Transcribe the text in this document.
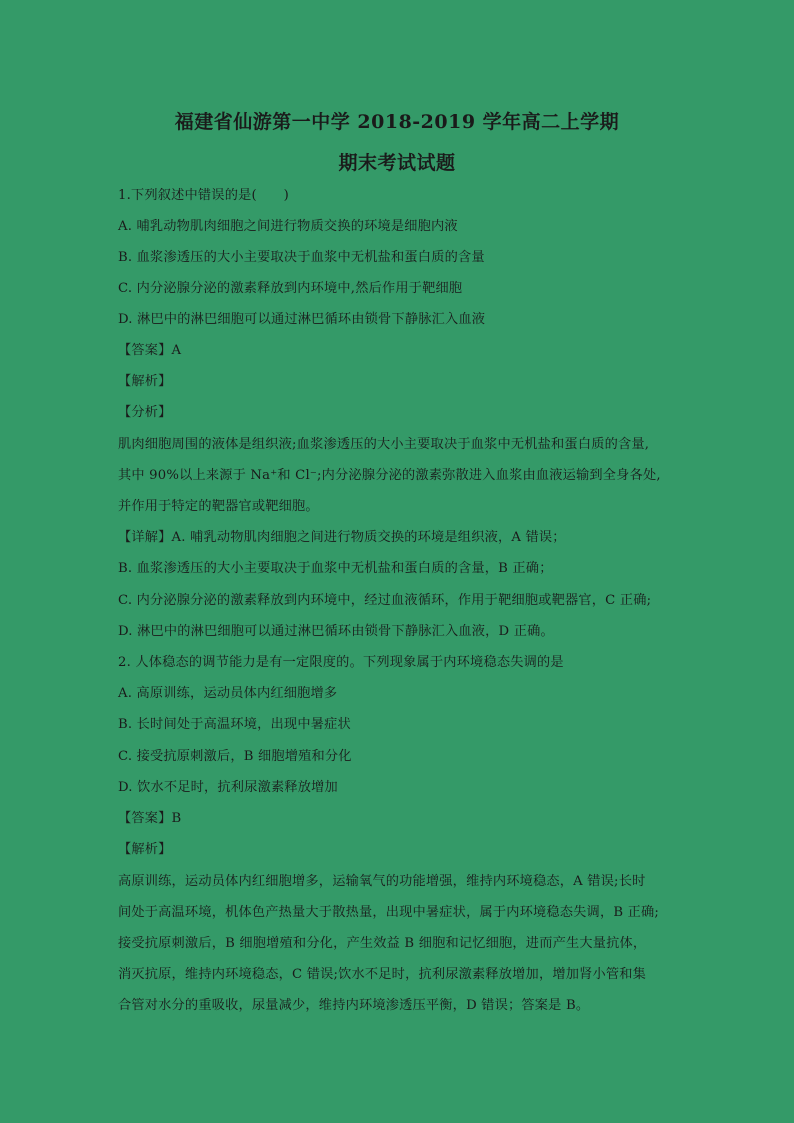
福建省仙游第一中学 2018-2019 学年高二上学期
期末考试试题
1.下列叙述中错误的是(　　)
A. 哺乳动物肌肉细胞之间进行物质交换的环境是细胞内液
B. 血浆渗透压的大小主要取决于血浆中无机盐和蛋白质的含量
C. 内分泌腺分泌的激素释放到内环境中,然后作用于靶细胞
D. 淋巴中的淋巴细胞可以通过淋巴循环由锁骨下静脉汇入血液
【答案】A
【解析】
【分析】
肌肉细胞周围的液体是组织液;血浆渗透压的大小主要取决于血浆中无机盐和蛋白质的含量,
其中 90%以上来源于 Na⁺和 Cl⁻;内分泌腺分泌的激素弥散进入血浆由血液运输到全身各处,
并作用于特定的靶器官或靶细胞。
【详解】A. 哺乳动物肌肉细胞之间进行物质交换的环境是组织液，A 错误；
B. 血浆渗透压的大小主要取决于血浆中无机盐和蛋白质的含量，B 正确；
C. 内分泌腺分泌的激素释放到内环境中，经过血液循环，作用于靶细胞或靶器官，C 正确;
D. 淋巴中的淋巴细胞可以通过淋巴循环由锁骨下静脉汇入血液，D 正确。
2. 人体稳态的调节能力是有一定限度的。下列现象属于内环境稳态失调的是
A. 高原训练，运动员体内红细胞增多
B. 长时间处于高温环境，出现中暑症状
C. 接受抗原刺激后，B 细胞增殖和分化
D. 饮水不足时，抗利尿激素释放增加
【答案】B
【解析】
高原训练，运动员体内红细胞增多，运输氧气的功能增强，维持内环境稳态，A 错误;长时
间处于高温环境，机体色产热量大于散热量，出现中暑症状，属于内环境稳态失调，B 正确;
接受抗原刺激后，B 细胞增殖和分化，产生效益 B 细胞和记忆细胞，进而产生大量抗体，
消灭抗原，维持内环境稳态，C 错误;饮水不足时，抗利尿激素释放增加，增加肾小管和集
合管对水分的重吸收，尿量减少，维持内环境渗透压平衡，D 错误；答案是 B。
